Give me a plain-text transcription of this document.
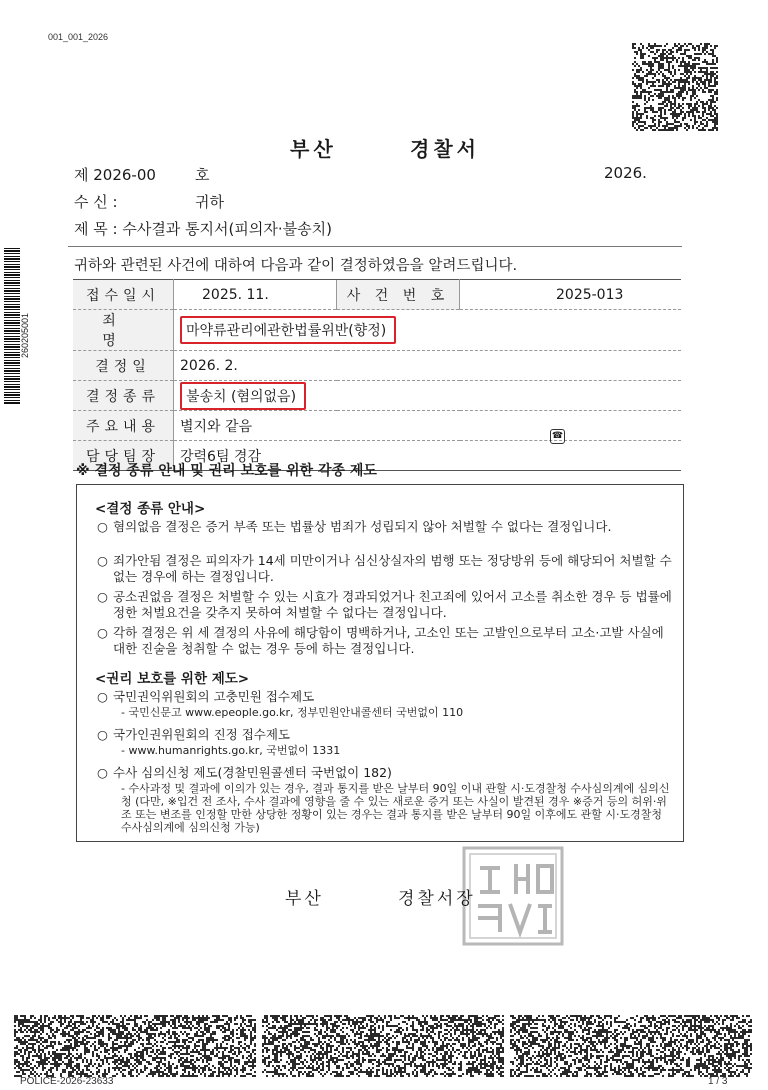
001_001_2026
260205001
부산	경찰서
제 2026-00	호	2026.
수 신 :	귀하
제 목 : 수사결과 통지서(피의자·불송치)
귀하와 관련된 사건에 대하여 다음과 같이 결정하였음을 알려드립니다.
접수일시	2025. 11.	사 건 번 호	2025-013
죄 명	마약류관리에관한법률위반(향정)		
결정일	2026. 2.		
결정종류	불송치 (혐의없음)		
주요내용	별지와 같음		
담당팀장	강력6팀 경감		
☎
※ 결정 종류 안내 및 권리 보호를 위한 각종 제도
<결정 종류 안내>
○ 혐의없음 결정은 증거 부족 또는 법률상 범죄가 성립되지 않아 처벌할 수 없다는 결정입니다.
○ 죄가안됨 결정은 피의자가 14세 미만이거나 심신상실자의 범행 또는 정당방위 등에 해당되어 처벌할 수 없는 경우에 하는 결정입니다.
○ 공소권없음 결정은 처벌할 수 있는 시효가 경과되었거나 친고죄에 있어서 고소를 취소한 경우 등 법률에 정한 처벌요건을 갖추지 못하여 처벌할 수 없다는 결정입니다.
○ 각하 결정은 위 세 결정의 사유에 해당함이 명백하거나, 고소인 또는 고발인으로부터 고소·고발 사실에 대한 진술을 청취할 수 없는 경우 등에 하는 결정입니다.
<권리 보호를 위한 제도>
○ 국민권익위원회의 고충민원 접수제도
- 국민신문고 www.epeople.go.kr, 정부민원안내콜센터 국번없이 110
○ 국가인권위원회의 진정 접수제도
- www.humanrights.go.kr, 국번없이 1331
○ 수사 심의신청 제도(경찰민원콜센터 국번없이 182)
- 수사과정 및 결과에 이의가 있는 경우, 결과 통지를 받은 날부터 90일 이내 관할 시·도경찰청 수사심의계에 심의신청 (다만, ※입건 전 조사, 수사 결과에 영향을 줄 수 있는 새로운 증거 또는 사실이 발견된 경우 ※증거 등의 허위·위조 또는 변조를 인정할 만한 상당한 정황이 있는 경우는 결과 통지를 받은 날부터 90일 이후에도 관할 시·도경찰청 수사심의계에 심의신청 가능)
부산	경찰서장
POLICE-2026-23633	1 / 3
